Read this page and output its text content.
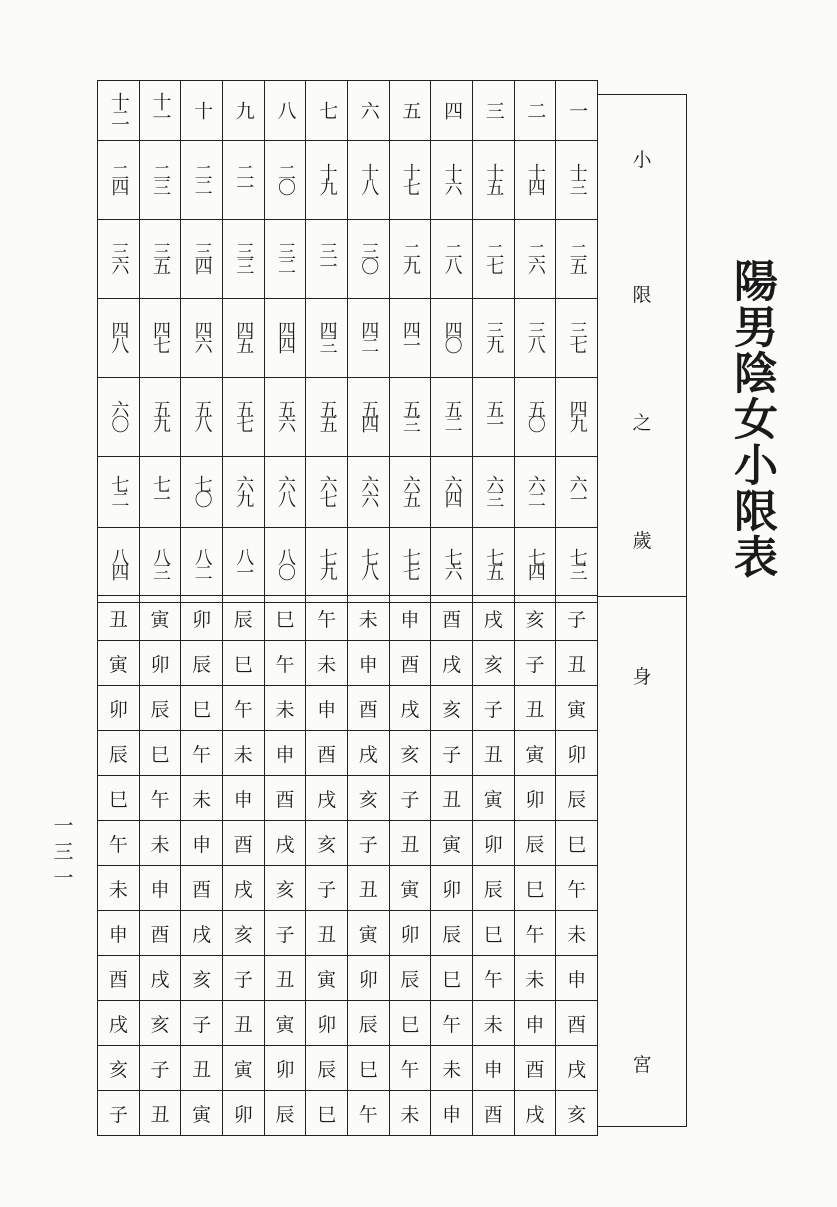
陽男陰女小限表
一三一
十二	十一	十	九	八	七	六	五	四	三	二	一
二四	二三	二二	二一	二〇	十九	十八	十七	十六	十五	十四	十三
三六	三五	三四	三三	三二	三一	三〇	二九	二八	二七	二六	二五
四八	四七	四六	四五	四四	四三	四二	四一	四〇	三九	三八	三七
六〇	五九	五八	五七	五六	五五	五四	五三	五二	五一	五〇	四九
七二	七一	七〇	六九	六八	六七	六六	六五	六四	六三	六二	六一
八四	八三	八二	八一	八〇	七九	七八	七七	七六	七五	七四	七三
丑	寅	卯	辰	巳	午	未	申	酉	戌	亥	子
寅	卯	辰	巳	午	未	申	酉	戌	亥	子	丑
卯	辰	巳	午	未	申	酉	戌	亥	子	丑	寅
辰	巳	午	未	申	酉	戌	亥	子	丑	寅	卯
巳	午	未	申	酉	戌	亥	子	丑	寅	卯	辰
午	未	申	酉	戌	亥	子	丑	寅	卯	辰	巳
未	申	酉	戌	亥	子	丑	寅	卯	辰	巳	午
申	酉	戌	亥	子	丑	寅	卯	辰	巳	午	未
酉	戌	亥	子	丑	寅	卯	辰	巳	午	未	申
戌	亥	子	丑	寅	卯	辰	巳	午	未	申	酉
亥	子	丑	寅	卯	辰	巳	午	未	申	酉	戌
子	丑	寅	卯	辰	巳	午	未	申	酉	戌	亥
小
限
之
歲
身
宮
